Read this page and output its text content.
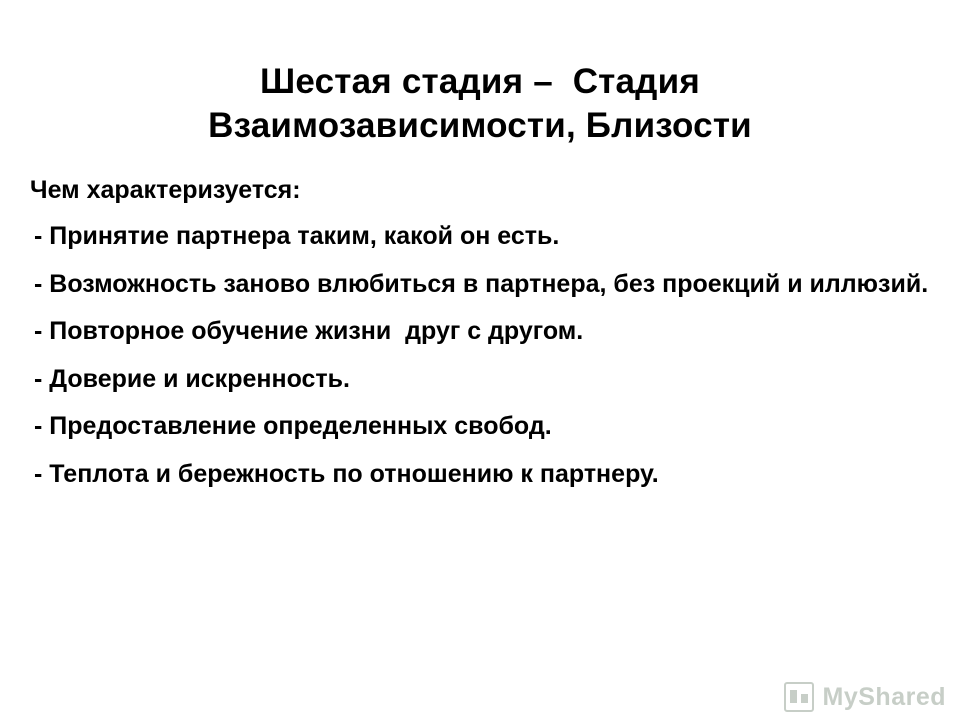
Шестая стадия –  Стадия
Взаимозависимости, Близости

Чем характеризуется:

- Принятие партнера таким, какой он есть.
- Возможность заново влюбиться в партнера, без проекций и иллюзий.
- Повторное обучение жизни  друг с другом.
- Доверие и искренность.
- Предоставление определенных свобод.
- Теплота и бережность по отношению к партнеру.
MyShared
